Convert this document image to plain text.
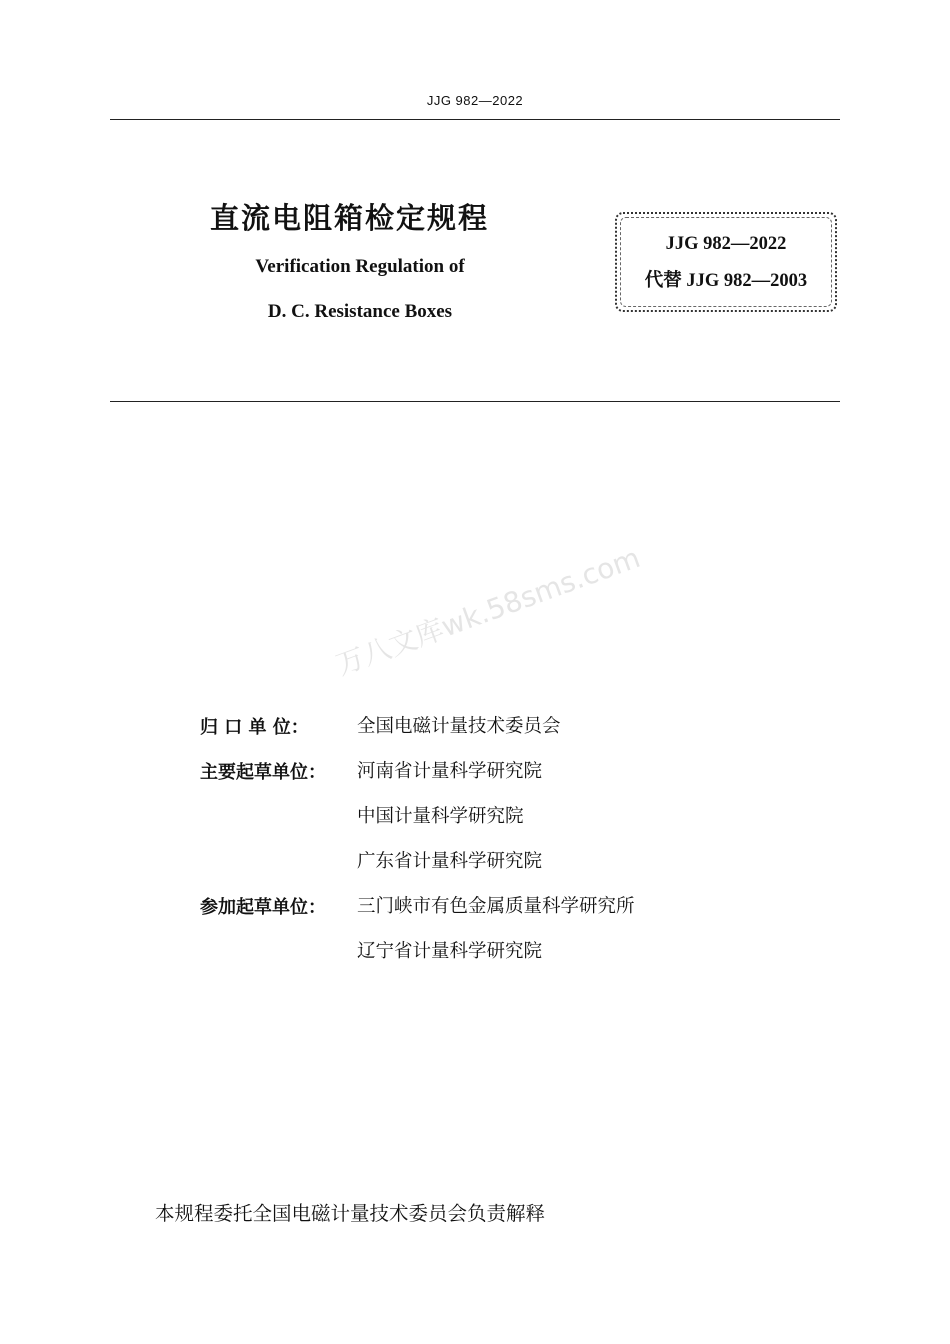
JJG 982—2022
直流电阻箱检定规程
Verification Regulation of
D. C. Resistance Boxes
JJG 982—2022
代替 JJG 982—2003
万八文库wk.58sms.com
归 口 单 位：	全国电磁计量技术委员会
主要起草单位： 河南省计量科学研究院
中国计量科学研究院
广东省计量科学研究院
参加起草单位： 三门峡市有色金属质量科学研究所
辽宁省计量科学研究院
本规程委托全国电磁计量技术委员会负责解释
